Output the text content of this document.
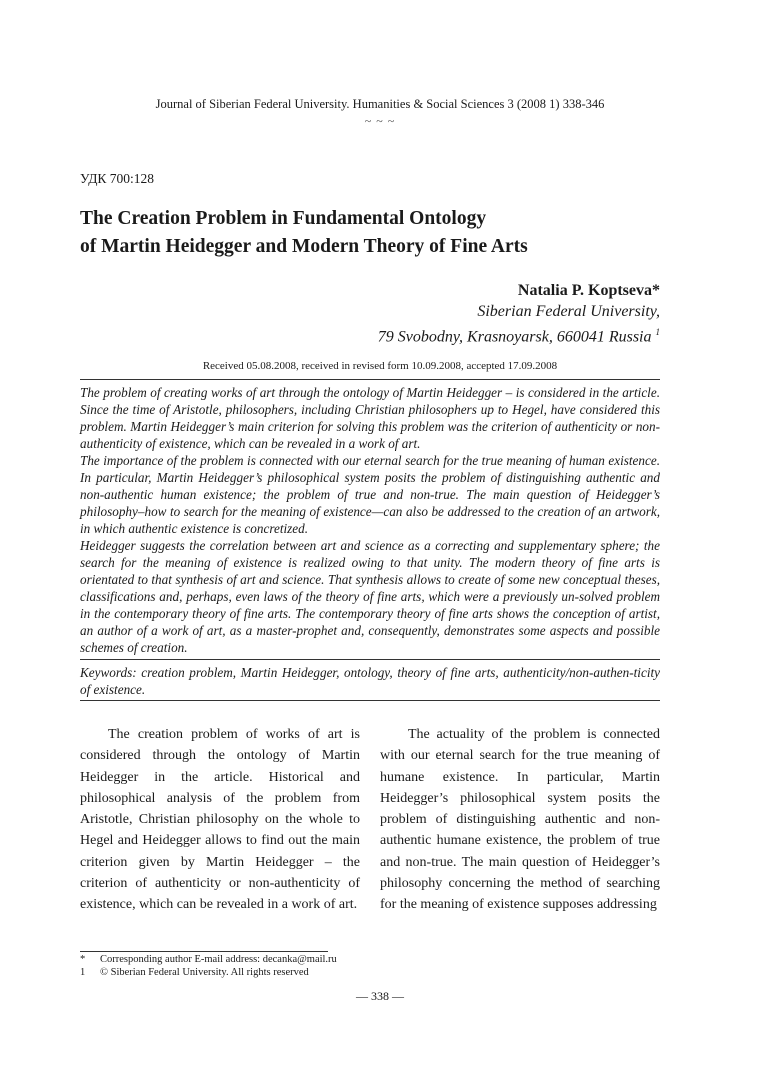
Journal of Siberian Federal University. Humanities & Social Sciences 3 (2008 1) 338-346
~ ~ ~
УДК 700:128
The Creation Problem in Fundamental Ontology
of Martin Heidegger and Modern Theory of Fine Arts
Natalia P. Koptseva*
Siberian Federal University,
79 Svobodny, Krasnoyarsk, 660041 Russia $^1$
Received 05.08.2008, received in revised form 10.09.2008, accepted 17.09.2008

The problem of creating works of art through the ontology of Martin Heidegger – is considered in the article. Since the time of Aristotle, philosophers, including Christian philosophers up to Hegel, have considered this problem. Martin Heidegger’s main criterion for solving this problem was the criterion of authenticity or non- authenticity of existence, which can be revealed in a work of art.

The importance of the problem is connected with our eternal search for the true meaning of human existence. In particular, Martin Heidegger’s philosophical system posits the problem of distinguishing authentic and non-authentic human existence; the problem of true and non-true. The main question of Heidegger’s philosophy–how to search for the meaning of existence—can also be addressed to the creation of an artwork, in which authentic existence is concretized.

Heidegger suggests the correlation between art and science as a correcting and supplementary sphere; the search for the meaning of existence is realized owing to that unity. The modern theory of fine arts is orientated to that synthesis of art and science. That synthesis allows to create of some new conceptual theses, classifications and, perhaps, even laws of the theory of fine arts, which were a previously un-solved problem in the contemporary theory of fine arts. The contemporary theory of fine arts shows the conception of artist, an author of a work of art, as a master-prophet and, consequently, demonstrates some aspects and possible schemes of creation.

Keywords: creation problem, Martin Heidegger, ontology, theory of fine arts, authenticity/non-authen-ticity of existence.

The creation problem of works of art is considered through the ontology of Martin Heidegger in the article. Historical and philosophical analysis of the problem from Aristotle, Christian philosophy on the whole to Hegel and Heidegger allows to find out the main criterion given by Martin Heidegger – the criterion of authenticity or non-authenticity of existence, which can be revealed in a work of art.

The actuality of the problem is connected with our eternal search for the true meaning of humane existence. In particular, Martin Heidegger’s philosophical system posits the problem of distinguishing authentic and non-authentic humane existence, the problem of true and non-true. The main question of Heidegger’s philosophy concerning the method of searching for the meaning of existence supposes addressing

* Corresponding author E-mail address: decanka@mail.ru
1 © Siberian Federal University. All rights reserved
— 338 —
